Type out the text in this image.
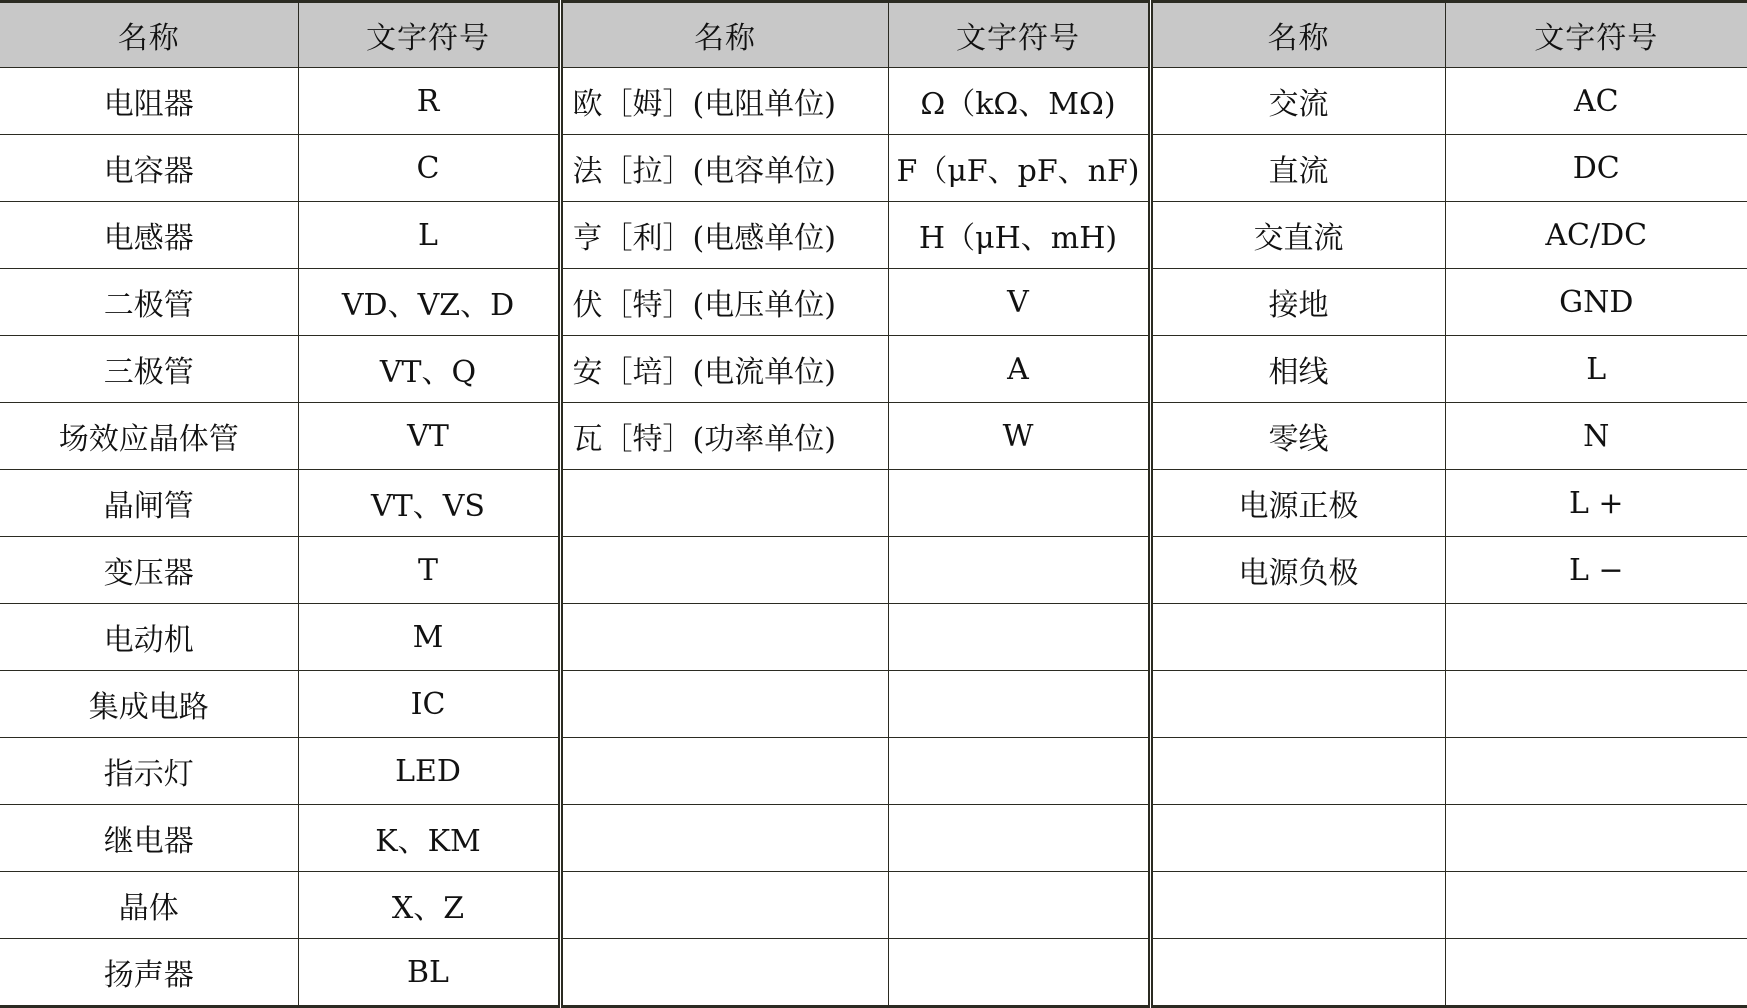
名称	文字符号	名称	文字符号	名称	文字符号
电阻器	R	欧［姆］(电阻单位)	Ω（kΩ、MΩ)	交流	AC
电容器	C	法［拉］(电容单位)	F（μF、pF、nF)	直流	DC
电感器	L	亨［利］(电感单位)	H（μH、mH)	交直流	AC/DC
二极管	VD、VZ、D	伏［特］(电压单位)	V	接地	GND
三极管	VT、Q	安［培］(电流单位)	A	相线	L
场效应晶体管	VT	瓦［特］(功率单位)	W	零线	N
晶闸管	VT、VS			电源正极	L +
变压器	T			电源负极	L −
电动机	M				
集成电路	IC				
指示灯	LED				
继电器	K、KM				
晶体	X、Z				
扬声器	BL				
